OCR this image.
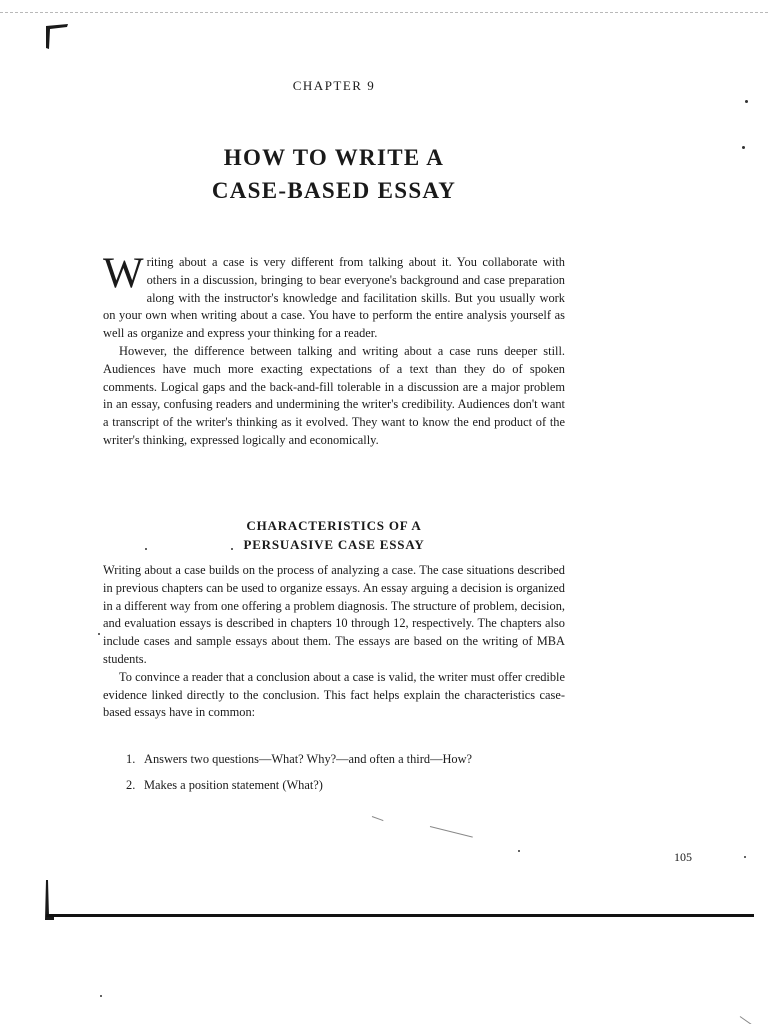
CHAPTER 9
HOW TO WRITE A
CASE-BASED ESSAY

Writing about a case is very different from talking about it. You collaborate with others in a discussion, bringing to bear everyone's background and case preparation along with the instructor's knowledge and facilitation skills. But you usually work on your own when writing about a case. You have to perform the entire analysis yourself as well as organize and express your thinking for a reader.

However, the difference between talking and writing about a case runs deeper still. Audiences have much more exacting expectations of a text than they do of spoken comments. Logical gaps and the back-and-fill tolerable in a discussion are a major problem in an essay, confusing readers and undermining the writer's credibility. Audiences don't want a transcript of the writer's thinking as it evolved. They want to know the end product of the writer's thinking, expressed logically and economically.

CHARACTERISTICS OF A
PERSUASIVE CASE ESSAY

Writing about a case builds on the process of analyzing a case. The case situations described in previous chapters can be used to organize essays. An essay arguing a decision is organized in a different way from one offering a problem diagnosis. The structure of problem, decision, and evaluation essays is described in chapters 10 through 12, respectively. The chapters also include cases and sample essays about them. The essays are based on the writing of MBA students.

To convince a reader that a conclusion about a case is valid, the writer must offer credible evidence linked directly to the conclusion. This fact helps explain the characteristics case-based essays have in common:

1. Answers two questions—What? Why?—and often a third—How?
2. Makes a position statement (What?)
105
